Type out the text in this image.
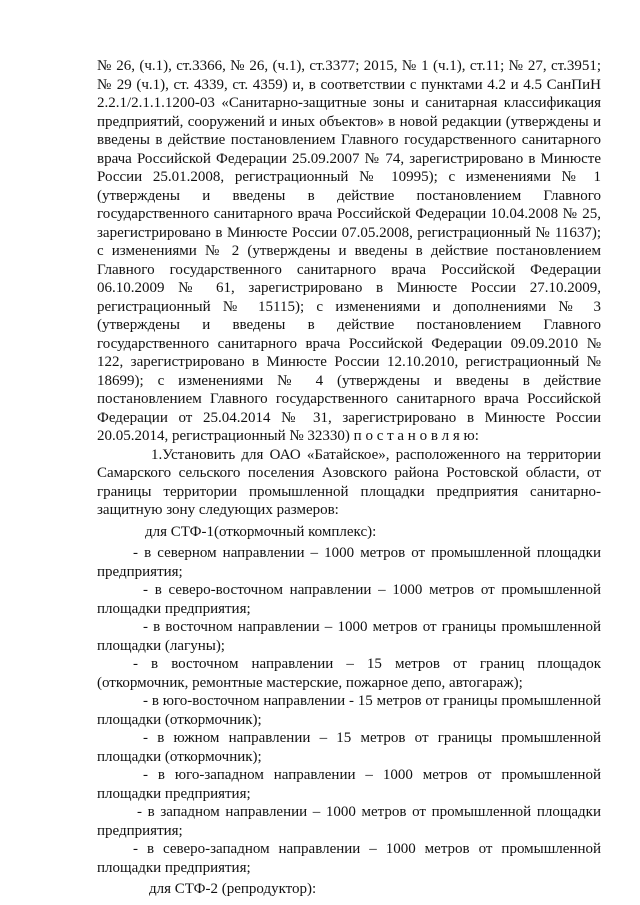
№ 26, (ч.1), ст.3366, № 26, (ч.1), ст.3377; 2015, № 1 (ч.1), ст.11; № 27, ст.3951; № 29 (ч.1), ст. 4339, ст. 4359) и, в соответствии с пунктами 4.2 и 4.5 СанПиН 2.2.1/2.1.1.1200-03 «Санитарно-защитные зоны и санитарная классификация предприятий, сооружений и иных объектов» в новой редакции (утверждены и введены в действие постановлением Главного государственного санитарного врача Российской Федерации 25.09.2007 № 74, зарегистрировано в Минюсте России 25.01.2008, регистрационный № 10995); с изменениями № 1 (утверждены и введены в действие постановлением Главного государственного санитарного врача Российской Федерации 10.04.2008 № 25, зарегистрировано в Минюсте России 07.05.2008, регистрационный № 11637); с изменениями № 2 (утверждены и введены в действие постановлением Главного государственного санитарного врача Российской Федерации 06.10.2009 № 61, зарегистрировано в Минюсте России 27.10.2009, регистрационный № 15115); с изменениями и дополнениями № 3 (утверждены и введены в действие постановлением Главного государственного санитарного врача Российской Федерации 09.09.2010 № 122, зарегистрировано в Минюсте России 12.10.2010, регистрационный № 18699); с изменениями № 4 (утверждены и введены в действие постановлением Главного государственного санитарного врача Российской Федерации от 25.04.2014 № 31, зарегистрировано в Минюсте России 20.05.2014, регистрационный № 32330) п о с т а н о в л я ю:

1.Установить для ОАО «Батайское», расположенного на территории Самарского сельского поселения Азовского района Ростовской области, от границы территории промышленной площадки предприятия санитарно-защитную зону следующих размеров:

для СТФ-1(откормочный комплекс):

- в северном направлении – 1000 метров от промышленной площадки предприятия;

- в северо-восточном направлении – 1000 метров от промышленной площадки предприятия;

- в восточном направлении – 1000 метров от границы промышленной площадки (лагуны);

- в восточном направлении – 15 метров от границ площадок (откормочник, ремонтные мастерские, пожарное депо, автогараж);

- в юго-восточном направлении - 15 метров от границы промышленной площадки (откормочник);

- в южном направлении – 15 метров от границы промышленной площадки (откормочник);

- в юго-западном направлении – 1000 метров от промышленной площадки предприятия;

- в западном направлении – 1000 метров от промышленной площадки предприятия;

- в северо-западном направлении – 1000 метров от промышленной площадки предприятия;

для СТФ-2 (репродуктор):
